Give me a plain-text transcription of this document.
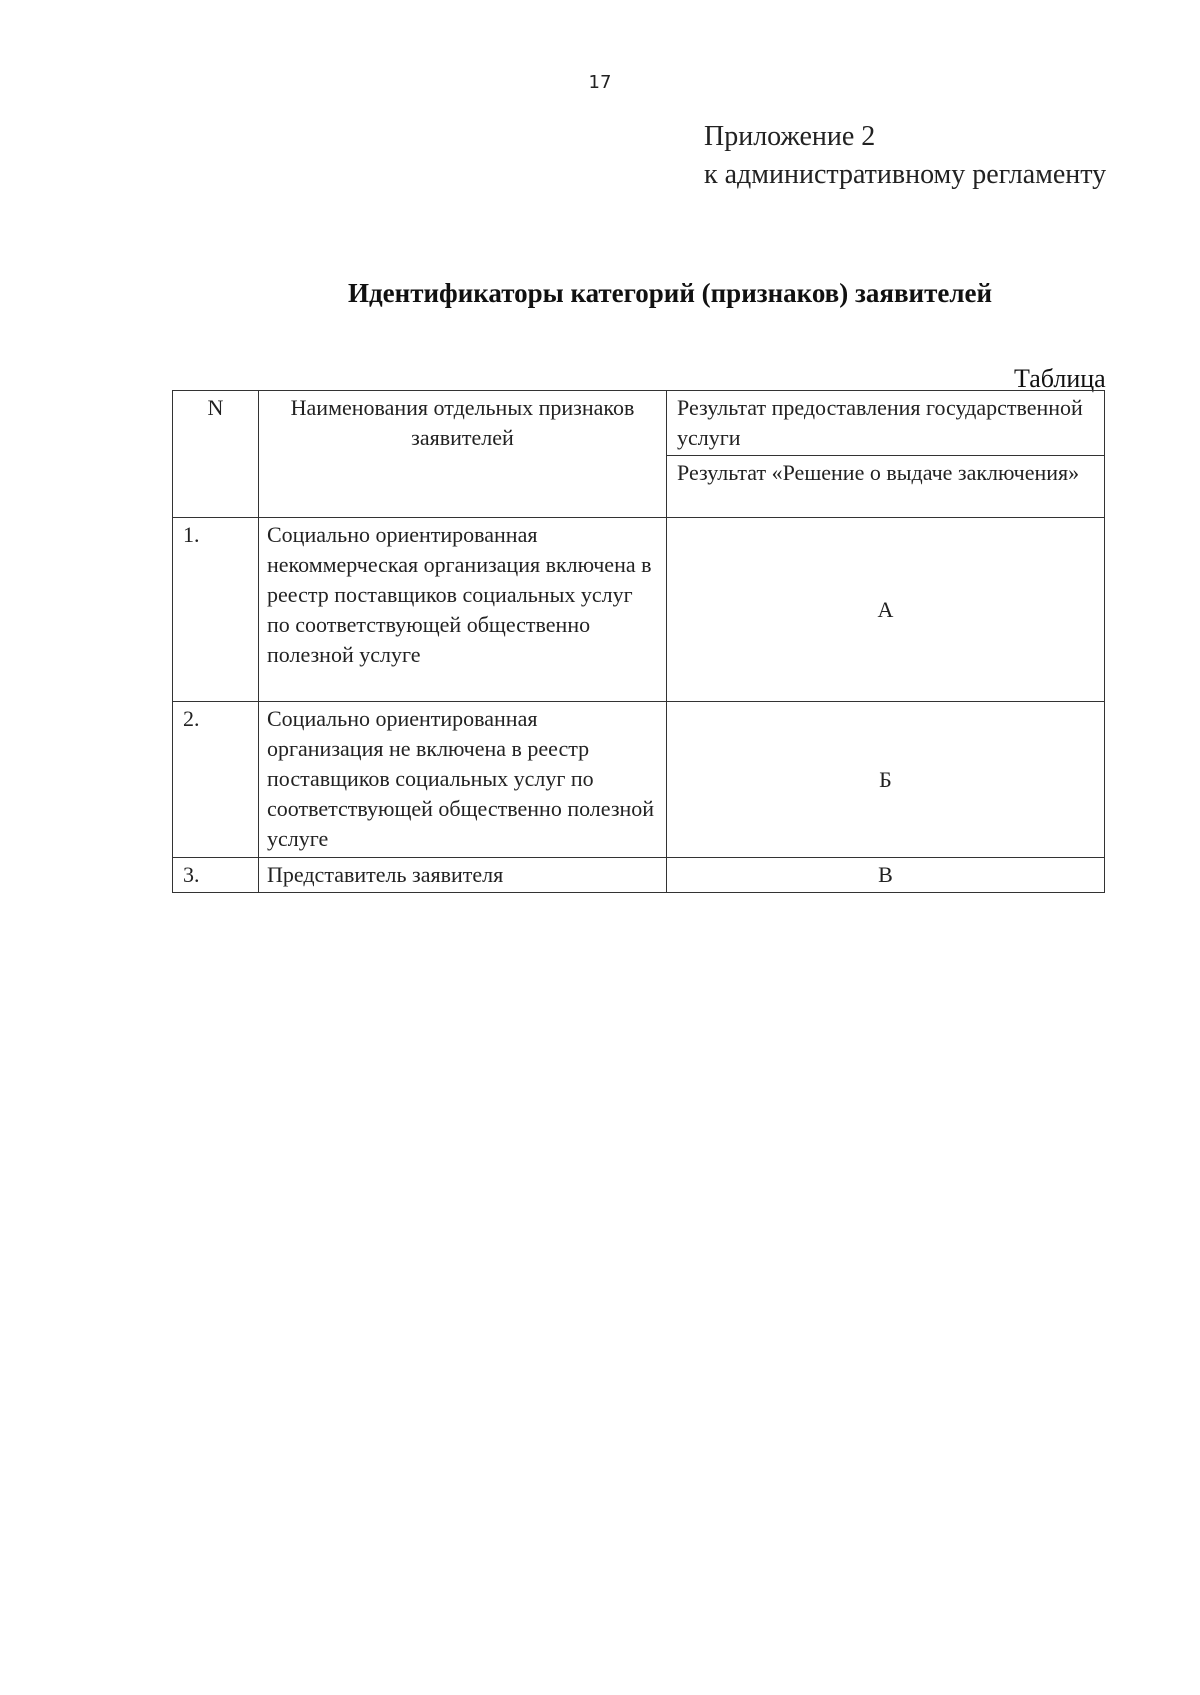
17
Приложение 2
к административному регламенту
Идентификаторы категорий (признаков) заявителей
Таблица
N	Наименования отдельных признаков заявителей	Результат предоставления государственной услуги
		Результат «Решение о выдаче заключения»
1.	Социально ориентированная некоммерческая организация включена в реестр поставщиков социальных услуг по соответствующей общественно полезной услуге	А
2.	Социально ориентированная организация не включена в реестр поставщиков социальных услуг по соответствующей общественно полезной услуге	Б
3.	Представитель заявителя	В
